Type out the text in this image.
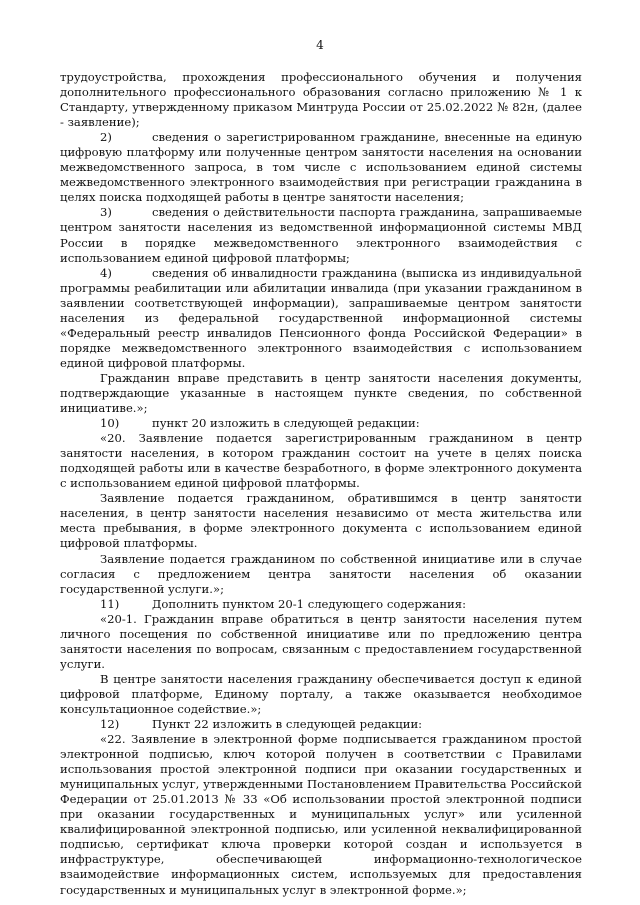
4

трудоустройства, прохождения профессионального обучения и получения дополнительного профессионального образования согласно приложению № 1 к Стандарту, утвержденному приказом Минтруда России от 25.02.2022 № 82н, (далее - заявление);

2)	сведения о зарегистрированном гражданине, внесенные на единую цифровую платформу или полученные центром занятости населения на основании межведомственного запроса, в том числе с использованием единой системы межведомственного электронного взаимодействия при регистрации гражданина в целях поиска подходящей работы в центре занятости населения;

3)	сведения о действительности паспорта гражданина, запрашиваемые центром занятости населения из ведомственной информационной системы МВД России в порядке межведомственного электронного взаимодействия с использованием единой цифровой платформы;

4)	сведения об инвалидности гражданина (выписка из индивидуальной программы реабилитации или абилитации инвалида (при указании гражданином в заявлении соответствующей информации), запрашиваемые центром занятости населения из федеральной государственной информационной системы «Федеральный реестр инвалидов Пенсионного фонда Российской Федерации» в порядке межведомственного электронного взаимодействия с использованием единой цифровой платформы.

Гражданин вправе представить в центр занятости населения документы, подтверждающие указанные в настоящем пункте сведения, по собственной инициативе.»;

10)	пункт 20 изложить в следующей редакции:

«20. Заявление подается зарегистрированным гражданином в центр занятости населения, в котором гражданин состоит на учете в целях поиска подходящей работы или в качестве безработного, в форме электронного документа с использованием единой цифровой платформы.

Заявление подается гражданином, обратившимся в центр занятости населения, в центр занятости населения независимо от места жительства или места пребывания, в форме электронного документа с использованием единой цифровой платформы.

Заявление подается гражданином по собственной инициативе или в случае согласия с предложением центра занятости населения об оказании государственной услуги.»;

11)	Дополнить пунктом 20-1 следующего содержания:

«20-1. Гражданин вправе обратиться в центр занятости населения путем личного посещения по собственной инициативе или по предложению центра занятости населения по вопросам, связанным с предоставлением государственной услуги.

В центре занятости населения гражданину обеспечивается доступ к единой цифровой платформе, Единому порталу, а также оказывается необходимое консультационное содействие.»;

12)	Пункт 22 изложить в следующей редакции:

«22. Заявление в электронной форме подписывается гражданином простой электронной подписью, ключ которой получен в соответствии с Правилами использования простой электронной подписи при оказании государственных и муниципальных услуг, утвержденными Постановлением Правительства Российской Федерации от 25.01.2013 № 33 «Об использовании простой электронной подписи при оказании государственных и муниципальных услуг» или усиленной квалифицированной электронной подписью, или усиленной неквалифицированной подписью, сертификат ключа проверки которой создан и используется в инфраструктуре, обеспечивающей информационно-технологическое взаимодействие информационных систем, используемых для предоставления государственных и муниципальных услуг в электронной форме.»;
